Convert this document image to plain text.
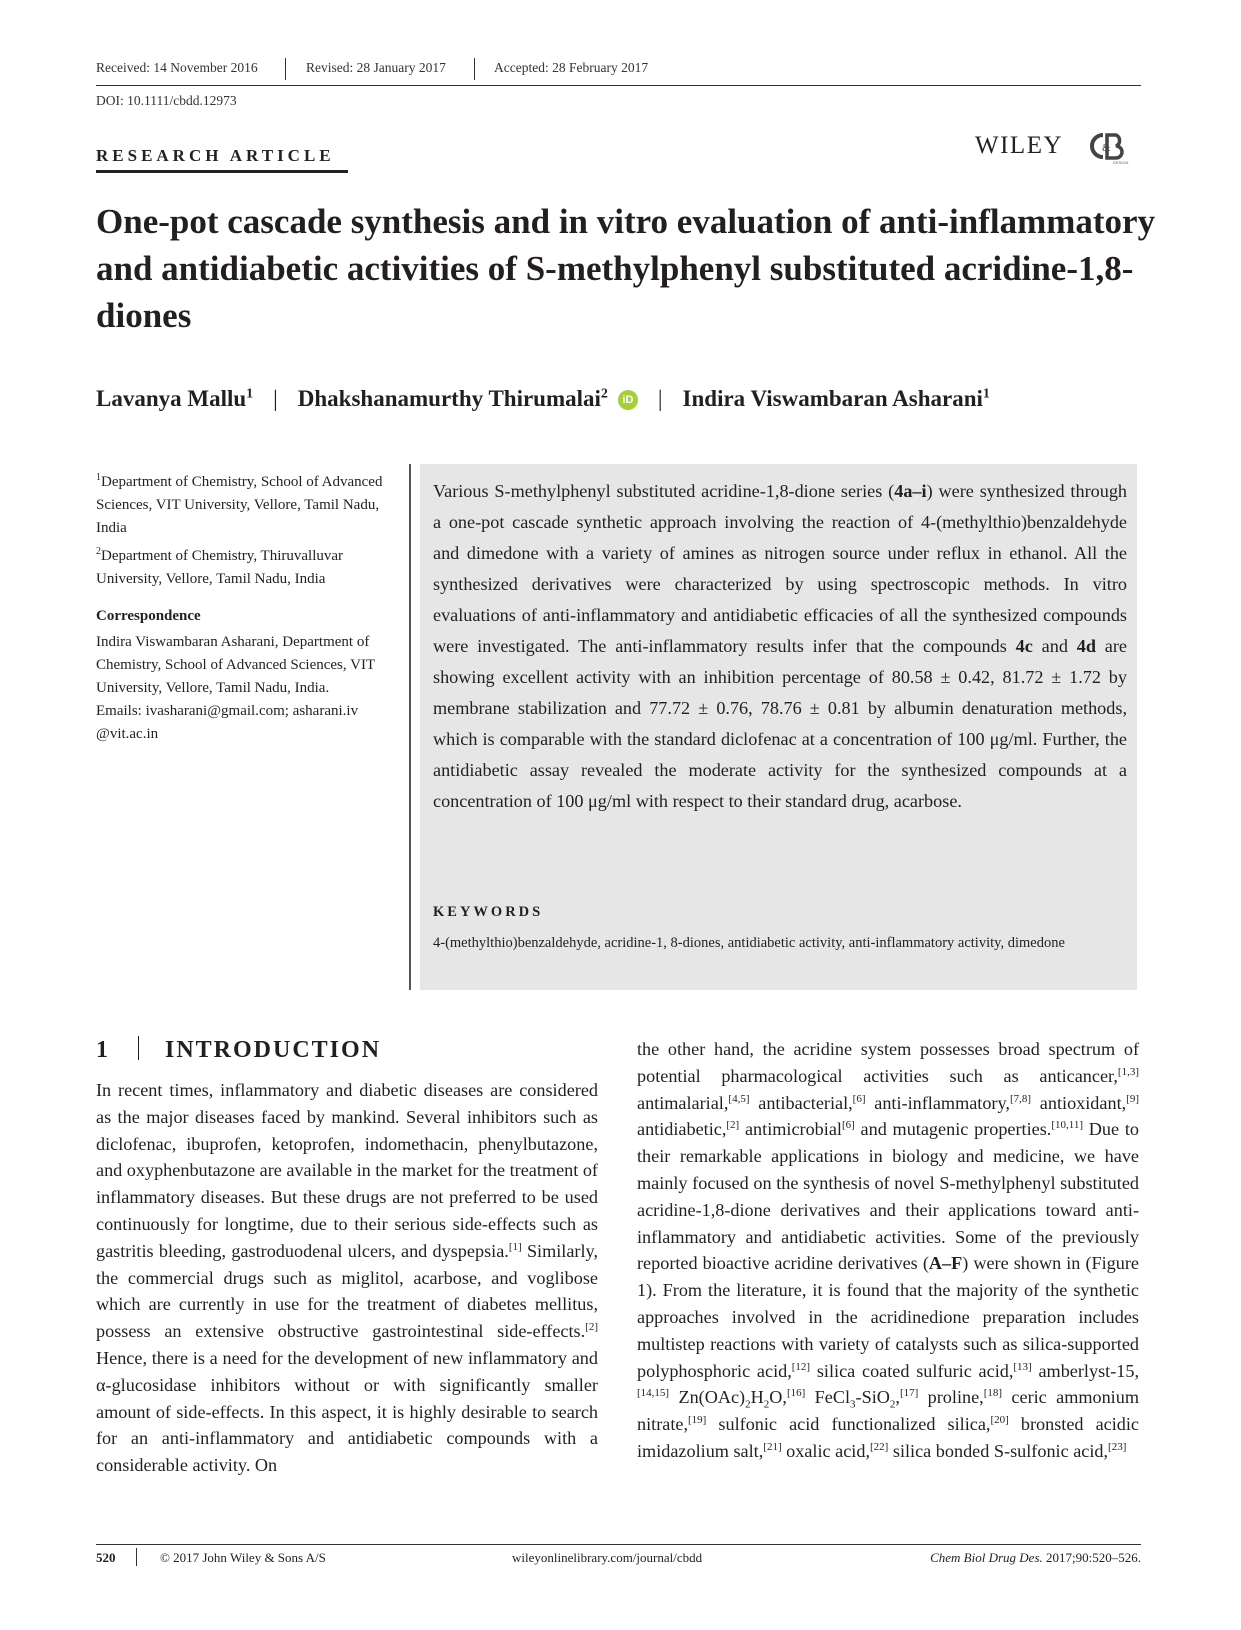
Received: 14 November 2016	Revised: 28 January 2017	Accepted: 28 February 2017
DOI: 10.1111/cbdd.12973
RESEARCH ARTICLE	WILEY	&
DESIGN
One-pot cascade synthesis and in vitro evaluation of anti-inflammatory and antidiabetic activities of S-methylphenyl substituted acridine-1,8-diones
Lavanya Mallu$^1$ | Dhakshanamurthy Thirumalai$^2$ iD | Indira Viswambaran Asharani$^1$
$^1$Department of Chemistry, School of Advanced Sciences, VIT University, Vellore, Tamil Nadu, India
$^2$Department of Chemistry, Thiruvalluvar University, Vellore, Tamil Nadu, India
Correspondence
Indira Viswambaran Asharani, Department of Chemistry, School of Advanced Sciences, VIT University, Vellore, Tamil Nadu, India.
Emails: ivasharani@gmail.com; asharani.iv @vit.ac.in
Various S-methylphenyl substituted acridine-1,8-dione series (4a–i) were synthesized through a one-pot cascade synthetic approach involving the reaction of 4-(methylthio)benzaldehyde and dimedone with a variety of amines as nitrogen source under reflux in ethanol. All the synthesized derivatives were characterized by using spectroscopic methods. In vitro evaluations of anti-inflammatory and antidiabetic efficacies of all the synthesized compounds were investigated. The anti-inflammatory results infer that the compounds 4c and 4d are showing excellent activity with an inhibition percentage of 80.58 ± 0.42, 81.72 ± 1.72 by membrane stabilization and 77.72 ± 0.76, 78.76 ± 0.81 by albumin denaturation methods, which is comparable with the standard diclofenac at a concentration of 100 μg/ml. Further, the antidiabetic assay revealed the moderate activity for the synthesized compounds at a concentration of 100 μg/ml with respect to their standard drug, acarbose.
KEYWORDS
4-(methylthio)benzaldehyde, acridine-1, 8-diones, antidiabetic activity, anti-inflammatory activity, dimedone
1 INTRODUCTION

In recent times, inflammatory and diabetic diseases are considered as the major diseases faced by mankind. Several inhibitors such as diclofenac, ibuprofen, ketoprofen, indomethacin, phenylbutazone, and oxyphenbutazone are available in the market for the treatment of inflammatory diseases. But these drugs are not preferred to be used continuously for longtime, due to their serious side-effects such as gastritis bleeding, gastroduodenal ulcers, and dyspepsia.[1] Similarly, the commercial drugs such as miglitol, acarbose, and voglibose which are currently in use for the treatment of diabetes mellitus, possess an extensive obstructive gastrointestinal side-effects.[2] Hence, there is a need for the development of new inflammatory and α-glucosidase inhibitors without or with significantly smaller amount of side-effects. In this aspect, it is highly desirable to search for an anti-inflammatory and antidiabetic compounds with a considerable activity. On

the other hand, the acridine system possesses broad spectrum of potential pharmacological activities such as anticancer,[1,3] antimalarial,[4,5] antibacterial,[6] anti-inflammatory,[7,8] antioxidant,[9] antidiabetic,[2] antimicrobial[6] and mutagenic properties.[10,11] Due to their remarkable applications in biology and medicine, we have mainly focused on the synthesis of novel S-methylphenyl substituted acridine-1,8-dione derivatives and their applications toward anti-inflammatory and antidiabetic activities. Some of the previously reported bioactive acridine derivatives (A–F) were shown in (Figure 1). From the literature, it is found that the majority of the synthetic approaches involved in the acridinedione preparation includes multistep reactions with variety of catalysts such as silica-supported polyphosphoric acid,[12] silica coated sulfuric acid,[13] amberlyst-15,[14,15] $Zn(OAc)_2H_2O,[16]$ FeCl$_3$-SiO$_2$,[17] proline,[18] ceric ammonium nitrate,[19] sulfonic acid functionalized silica,[20] bronsted acidic imidazolium salt,[21] oxalic acid,[22] silica bonded S-sulfonic acid,[23]

520	© 2017 John Wiley & Sons A/S	wileyonlinelibrary.com/journal/cbdd	Chem Biol Drug Des. 2017;90:520–526.
